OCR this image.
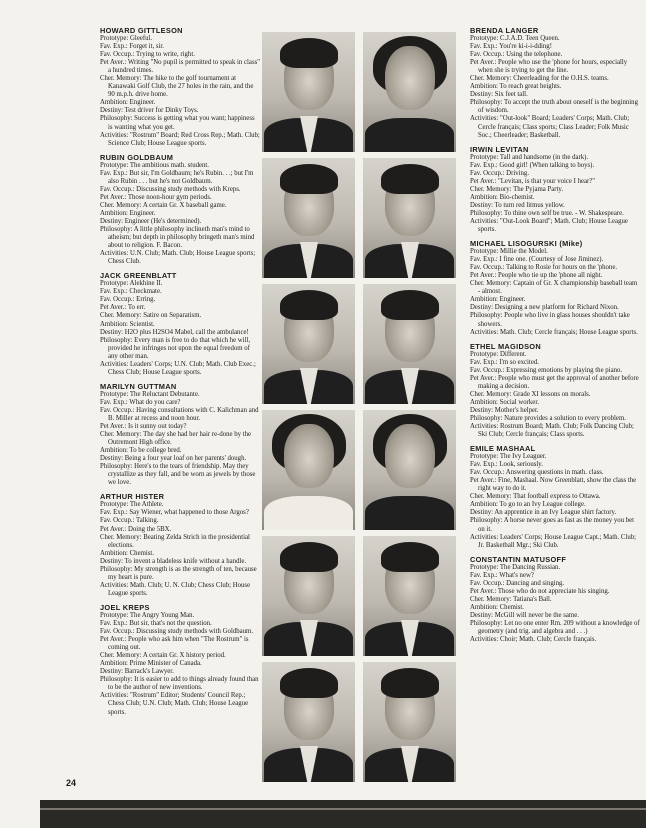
HOWARD GITTLESON
Prototype: Gleeful.
Fav. Exp.: Forget it, sir.
Fav. Occup.: Trying to write, right.
Pet Aver.: Writing "No pupil is permitted to speak in class" a hundred times.
Cher. Memory: The hike to the golf tournament at Kanawaki Golf Club, the 27 holes in the rain, and the 90 m.p.h. drive home.
Ambition: Engineer.
Destiny: Test driver for Dinky Toys.
Philosophy: Success is getting what you want; happiness is wanting what you get.
Activities: "Rostrum" Board; Red Cross Rep.; Math. Club; Science Club; House League sports.
RUBIN GOLDBAUM
Prototype: The ambitious math. student.
Fav. Exp.: But sir, I'm Goldbaum; he's Rubin. . .; but I'm also Rubin . . . but he's not Goldbaum.
Fav. Occup.: Discussing study methods with Kreps.
Pet Aver.: Those noon-hour gym periods.
Cher. Memory: A certain Gr. X baseball game.
Ambition: Engineer.
Destiny: Engineer (He's determined).
Philosophy: A little philosophy inclineth man's mind to atheism; but depth in philosophy bringeth man's mind about to religion. F. Bacon.
Activities: U.N. Club; Math. Club; House League sports; Chess Club.
JACK GREENBLATT
Prototype: Alekhine II.
Fav. Exp.: Checkmate.
Fav. Occup.: Erring.
Pet Aver.: To err.
Cher. Memory: Satire on Separatism.
Ambition: Scientist.
Destiny: H2O plus H2SO4 Mabel, call the ambulance!
Philosophy: Every man is free to do that which he will, provided he infringes not upon the equal freedom of any other man.
Activities: Leaders' Corps; U.N. Club; Math. Club Exec.; Chess Club; House League sports.
MARILYN GUTTMAN
Prototype: The Reluctant Debutante.
Fav. Exp.: What do you care?
Fav. Occup.: Having consultations with C. Kalichman and B. Miller at recess and noon hour.
Pet Aver.: Is it sunny out today?
Cher. Memory: The day she had her hair re-done by the Outremont High office.
Ambition: To be college bred.
Destiny: Being a four year loaf on her parents' dough.
Philosophy: Here's to the tears of friendship. May they crystallize as they fall, and be worn as jewels by those we love.
ARTHUR HISTER
Prototype: The Athlete.
Fav. Exp.: Say Wiener, what happened to those Argos?
Fav. Occup.: Talking.
Pet Aver.: Doing the 5BX.
Cher. Memory: Beating Zelda Strich in the presidential elections.
Ambition: Chemist.
Destiny: To invent a bladeless knife without a handle.
Philosophy: My strength is as the strength of ten, because my heart is pure.
Activities: Math. Club; U. N. Club; Chess Club; House League sports.
JOEL KREPS
Prototype: The Angry Young Man.
Fav. Exp.: But sir, that's not the question.
Fav. Occup.: Discussing study methods with Goldbaum.
Pet Aver.: People who ask him when "The Rostrum" is coming out.
Cher. Memory: A certain Gr. X history period.
Ambition: Prime Minister of Canada.
Destiny: Barrack's Lawyer.
Philosophy: It is easier to add to things already found than to be the author of new inventions.
Activities: "Rostrum" Editor; Students' Council Rep.; Chess Club; U.N. Club; Math. Club; House League sports.
BRENDA LANGER
Prototype: C.J.A.D. Teen Queen.
Fav. Exp.: You're ki-i-i-dding!
Fav. Occup.: Using the telephone.
Pet Aver.: People who use the 'phone for hours, especially when she is trying to get the line.
Cher. Memory: Cheerleading for the O.H.S. teams.
Ambition: To reach great heights.
Destiny: Six feet tall.
Philosophy: To accept the truth about oneself is the beginning of wisdom.
Activities: "Out-look" Board; Leaders' Corps; Math. Club; Cercle français; Class sports; Class Leader; Folk Music Soc.; Cheerleader; Basketball.
IRWIN LEVITAN
Prototype: Tall and handsome (in the dark).
Fav. Exp.: Good girl! (When talking to boys).
Fav. Occup.: Driving.
Pet Aver.: "Levitan, is that your voice I hear?"
Cher. Memory: The Pyjama Party.
Ambition: Bio-chemist.
Destiny: To turn red litmus yellow.
Philosophy: To thine own self be true. - W. Shakespeare.
Activities: "Out-Look Board"; Math. Club; House League sports.
MICHAEL LISOGURSKI (Mike)
Prototype: Millie the Model.
Fav. Exp.: I fine one. (Courtesy of Jose Jiminez).
Fav. Occup.: Talking to Rosie for hours on the 'phone.
Pet Aver.: People who tie up the 'phone all night.
Cher. Memory: Captain of Gr. X championship baseball team - almost.
Ambition: Engineer.
Destiny: Designing a new platform for Richard Nixon.
Philosophy: People who live in glass houses shouldn't take showers.
Activities: Math. Club; Cercle français; House League sports.
ETHEL MAGIDSON
Prototype: Different.
Fav. Exp.: I'm so excited.
Fav. Occup.: Expressing emotions by playing the piano.
Pet Aver.: People who must get the approval of another before making a decision.
Cher. Memory: Grade XI lessons on morals.
Ambition: Social worker.
Destiny: Mother's helper.
Philosophy: Nature provides a solution to every problem.
Activities: Rostrum Board; Math. Club; Folk Dancing Club; Ski Club; Cercle français; Class sports.
EMILE MASHAAL
Prototype: The Ivy Leaguer.
Fav. Exp.: Look, seriously.
Fav. Occup.: Answering questions in math. class.
Pet Aver.: Fine, Mashaal. Now Greenblatt, show the class the right way to do it.
Cher. Memory: That football express to Ottawa.
Ambition: To go to an Ivy League college.
Destiny: An apprentice in an Ivy League shirt factory.
Philosophy: A horse never goes as fast as the money you bet on it.
Activities: Leaders' Corps; House League Capt.; Math. Club; Jr. Basketball Mgr.; Ski Club.
CONSTANTIN MATUSOFF
Prototype: The Dancing Russian.
Fav. Exp.: What's new?
Fav. Occup.: Dancing and singing.
Pet Aver.: Those who do not appreciate his singing.
Cher. Memory: Tatiana's Ball.
Ambition: Chemist.
Destiny: McGill will never be the same.
Philosophy: Let no one enter Rm. 209 without a knowledge of geometry (and trig. and algebra and . . .)
Activities: Choir; Math. Club; Cercle français.
24
